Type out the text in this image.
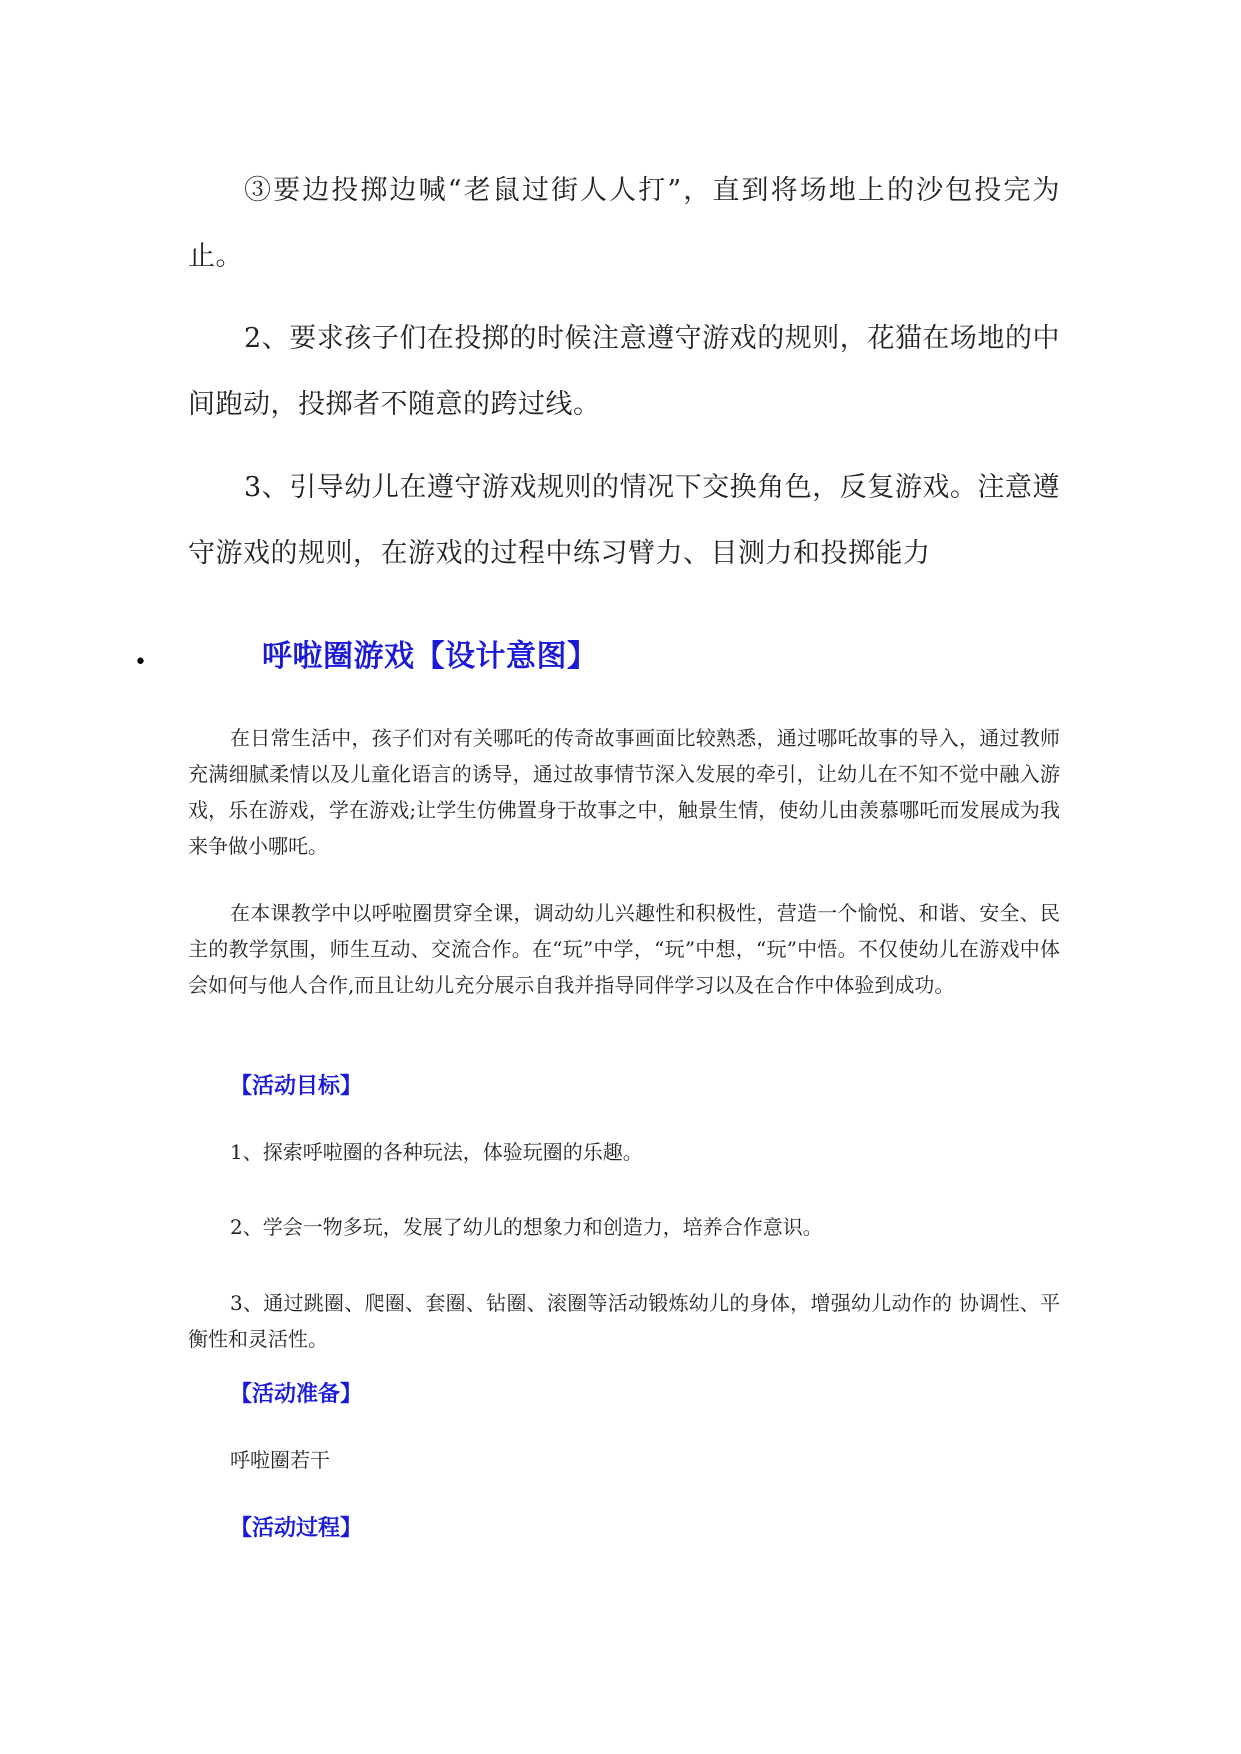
③要边投掷边喊“老鼠过街人人打”，直到将场地上的沙包投完为止。

2、要求孩子们在投掷的时候注意遵守游戏的规则，花猫在场地的中间跑动，投掷者不随意的跨过线。

3、引导幼儿在遵守游戏规则的情况下交换角色，反复游戏。注意遵守游戏的规则，在游戏的过程中练习臂力、目测力和投掷能力

•	呼啦圈游戏【设计意图】

在日常生活中，孩子们对有关哪吒的传奇故事画面比较熟悉，通过哪吒故事的导入，通过教师充满细腻柔情以及儿童化语言的诱导，通过故事情节深入发展的牵引，让幼儿在不知不觉中融入游戏，乐在游戏，学在游戏;让学生仿佛置身于故事之中，触景生情，使幼儿由羡慕哪吒而发展成为我来争做小哪吒。

在本课教学中以呼啦圈贯穿全课，调动幼儿兴趣性和积极性，营造一个愉悦、和谐、安全、民主的教学氛围，师生互动、交流合作。在“玩”中学，“玩”中想，“玩”中悟。不仅使幼儿在游戏中体会如何与他人合作,而且让幼儿充分展示自我并指导同伴学习以及在合作中体验到成功。

【活动目标】

1、探索呼啦圈的各种玩法，体验玩圈的乐趣。

2、学会一物多玩，发展了幼儿的想象力和创造力，培养合作意识。

3、通过跳圈、爬圈、套圈、钻圈、滚圈等活动锻炼幼儿的身体，增强幼儿动作的 协调性、平衡性和灵活性。

【活动准备】

呼啦圈若干

【活动过程】
